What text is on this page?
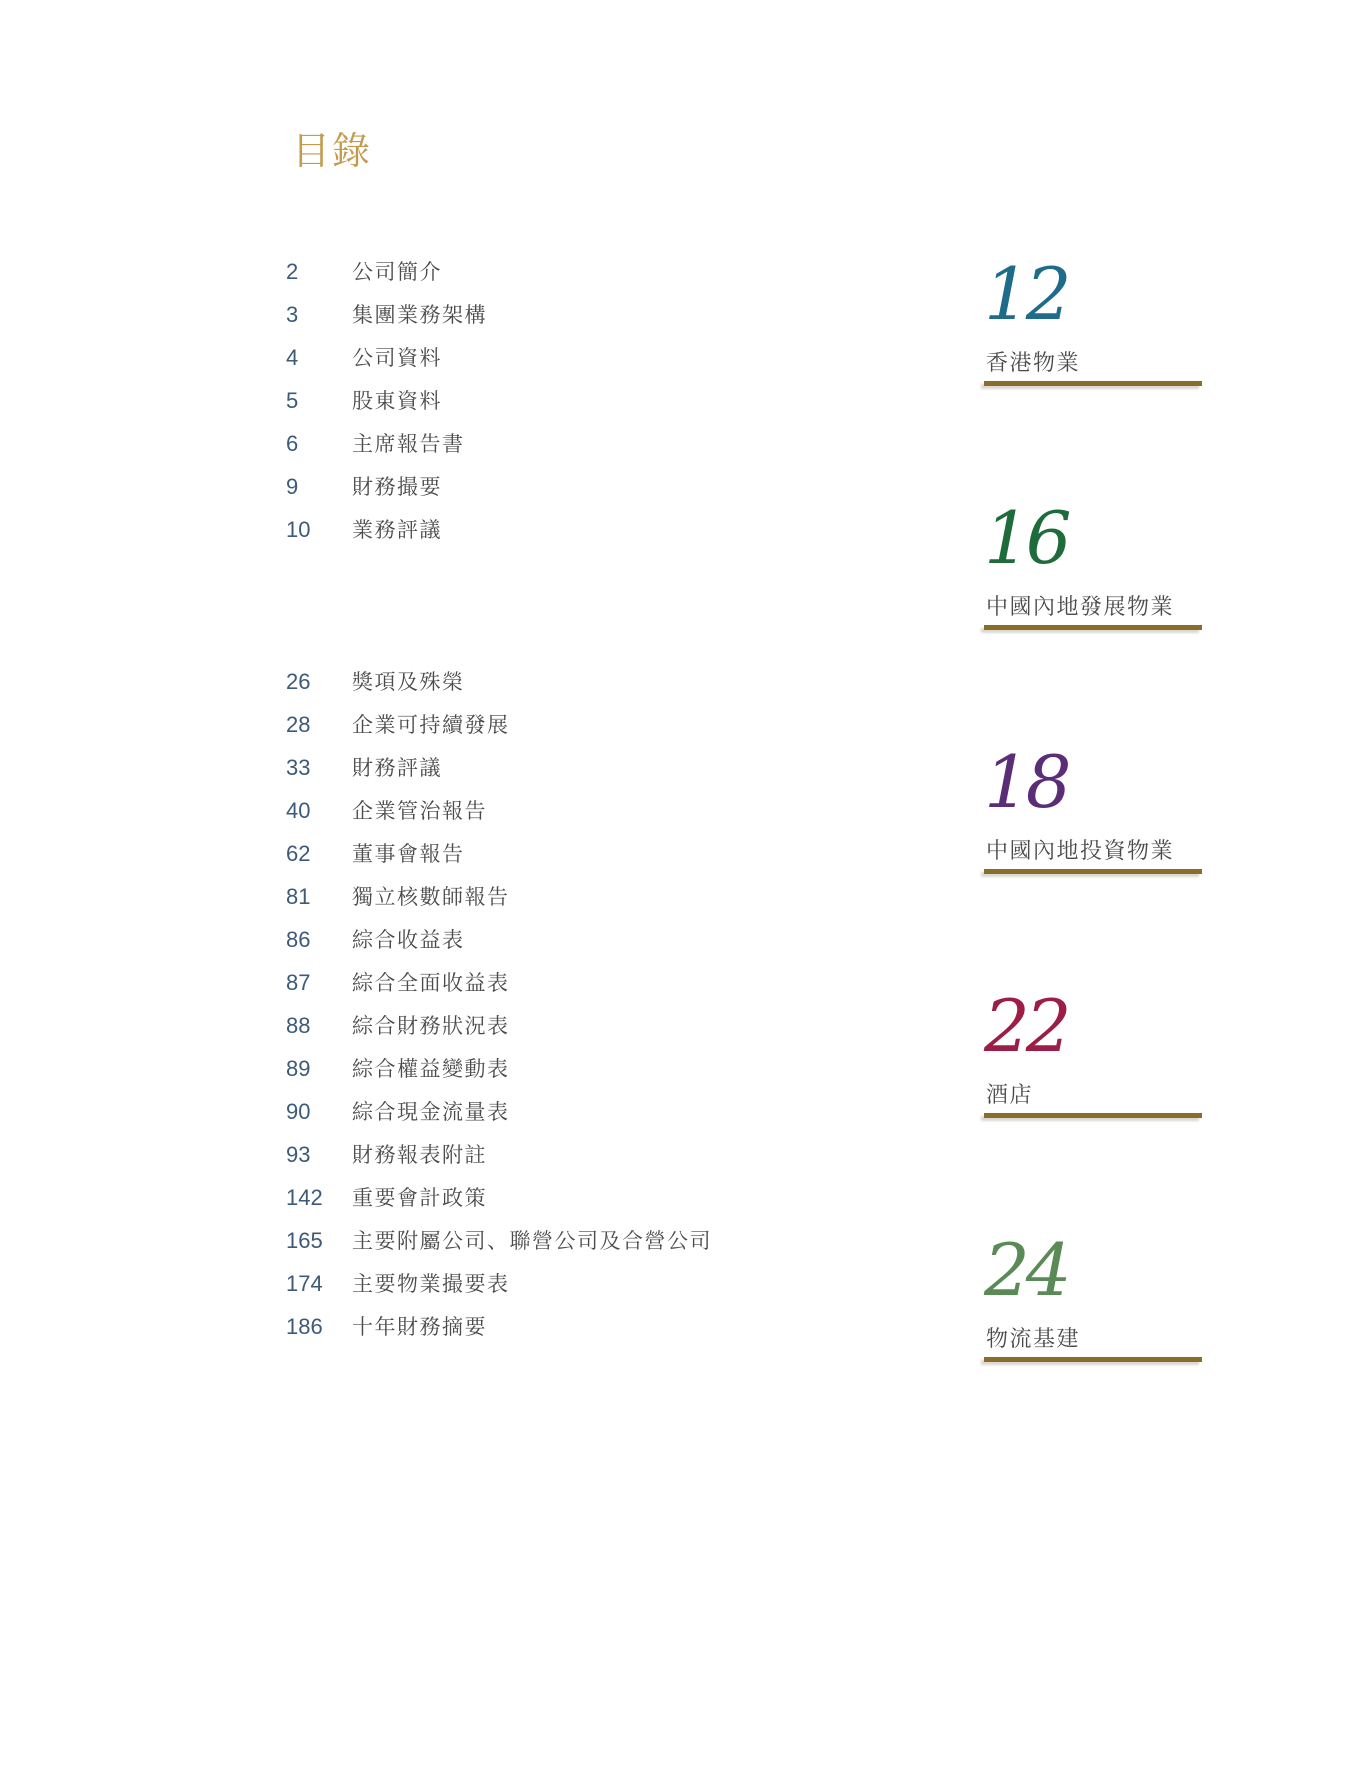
目錄
2	公司簡介
3	集團業務架構
4	公司資料
5	股東資料
6	主席報告書
9	財務撮要
10 業務評議
26 獎項及殊榮
28 企業可持續發展
33 財務評議
40 企業管治報告
62 董事會報告
81 獨立核數師報告
86 綜合收益表
87 綜合全面收益表
88 綜合財務狀況表
89 綜合權益變動表
90 綜合現金流量表
93 財務報表附註
142 重要會計政策
165 主要附屬公司、聯營公司及合營公司
174 主要物業撮要表
186 十年財務摘要
12
香港物業
16
中國內地發展物業
18
中國內地投資物業
22
酒店
24
物流基建
